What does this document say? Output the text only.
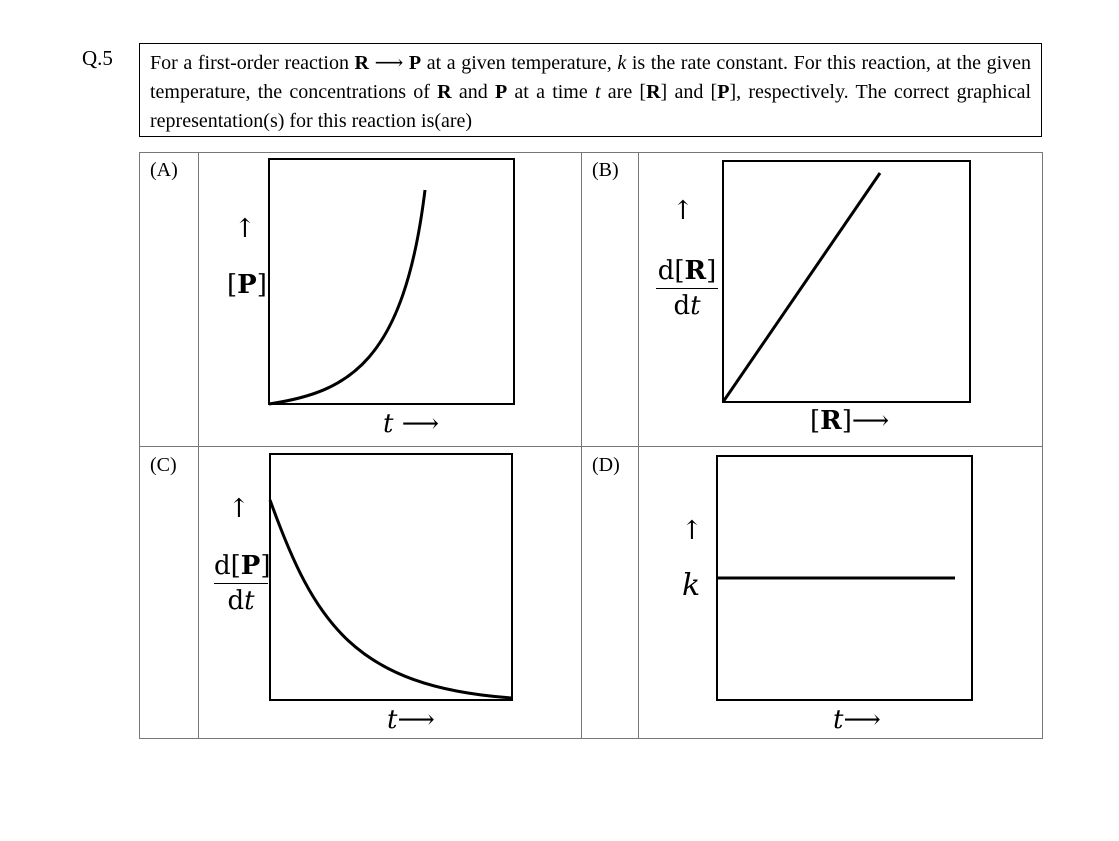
Q.5	For a first-order reaction R ⟶ P at a given temperature, k is the rate constant. For this reaction, at the given temperature, the concentrations of R and P at a time t are [R] and [P], respectively. The correct graphical representation(s) for this reaction is(are)
(A)	(B)
(C)	(D)
↑
[P]
t ⟶
↑
d[R]
dt
[R]⟶
↑
d[P]
dt
t⟶
↑
k
t⟶
